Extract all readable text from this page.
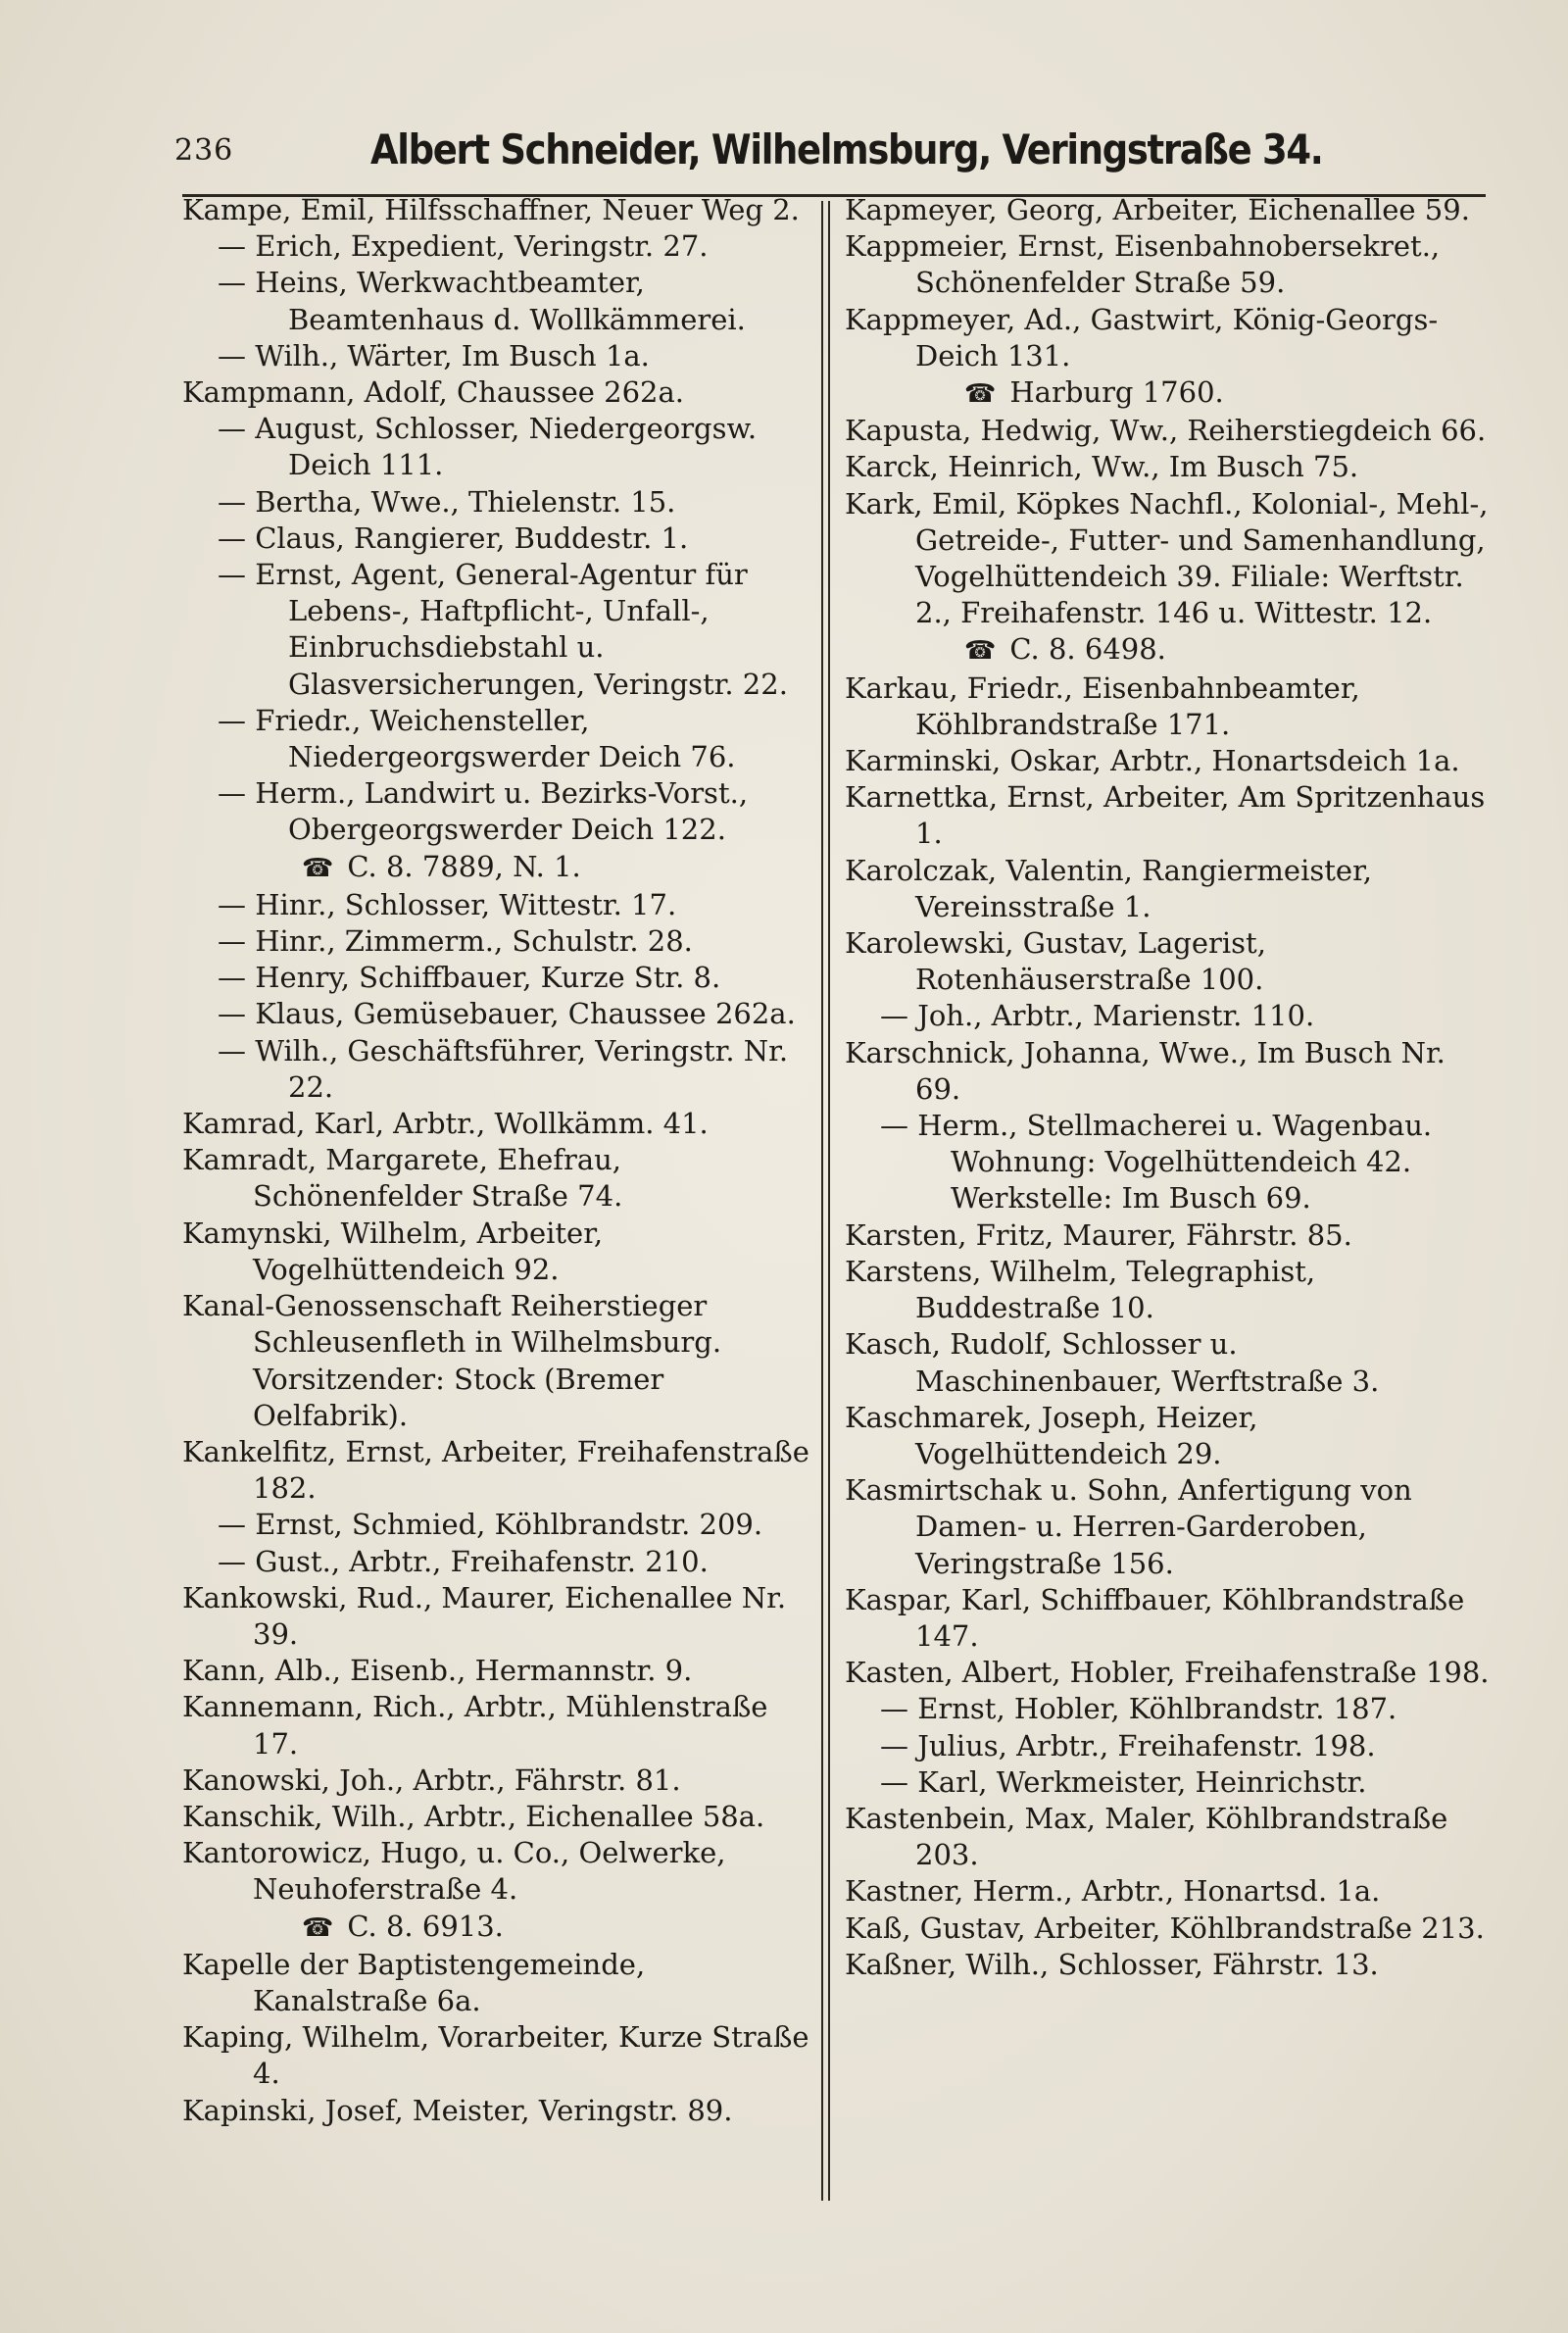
236	Albert Schneider, Wilhelmsburg, Veringstraße 34.
Kampe, Emil, Hilfsschaffner, Neuer Weg 2.
— Erich, Expedient, Veringstr. 27.
— Heins, Werkwachtbeamter, Beamtenhaus d. Wollkämmerei.
— Wilh., Wärter, Im Busch 1a.
Kampmann, Adolf, Chaussee 262a.
— August, Schlosser, Niedergeorgsw. Deich 111.
— Bertha, Wwe., Thielenstr. 15.
— Claus, Rangierer, Buddestr. 1.
— Ernst, Agent, General-Agentur für Lebens-, Haftpflicht-, Unfall-, Einbruchsdiebstahl u. Glasversicherungen, Veringstr. 22.
— Friedr., Weichensteller, Niedergeorgswerder Deich 76.
— Herm., Landwirt u. Bezirks-Vorst., Obergeorgswerder Deich 122.
☎ C. 8. 7889, N. 1.
— Hinr., Schlosser, Wittestr. 17.
— Hinr., Zimmerm., Schulstr. 28.
— Henry, Schiffbauer, Kurze Str. 8.
— Klaus, Gemüsebauer, Chaussee 262a.
— Wilh., Geschäftsführer, Veringstr. Nr. 22.
Kamrad, Karl, Arbtr., Wollkämm. 41.
Kamradt, Margarete, Ehefrau, Schönenfelder Straße 74.
Kamynski, Wilhelm, Arbeiter, Vogelhüttendeich 92.
Kanal-Genossenschaft Reiherstieger Schleusenfleth in Wilhelmsburg. Vorsitzender: Stock (Bremer Oelfabrik).
Kankelfitz, Ernst, Arbeiter, Freihafenstraße 182.
— Ernst, Schmied, Köhlbrandstr. 209.
— Gust., Arbtr., Freihafenstr. 210.
Kankowski, Rud., Maurer, Eichenallee Nr. 39.
Kann, Alb., Eisenb., Hermannstr. 9.
Kannemann, Rich., Arbtr., Mühlenstraße 17.
Kanowski, Joh., Arbtr., Fährstr. 81.
Kanschik, Wilh., Arbtr., Eichenallee 58a.
Kantorowicz, Hugo, u. Co., Oelwerke, Neuhoferstraße 4.
☎ C. 8. 6913.
Kapelle der Baptistengemeinde, Kanalstraße 6a.
Kaping, Wilhelm, Vorarbeiter, Kurze Straße 4.
Kapinski, Josef, Meister, Veringstr. 89.
Kapmeyer, Georg, Arbeiter, Eichenallee 59.
Kappmeier, Ernst, Eisenbahnobersekret., Schönenfelder Straße 59.
Kappmeyer, Ad., Gastwirt, König-Georgs-Deich 131.
☎ Harburg 1760.
Kapusta, Hedwig, Ww., Reiherstiegdeich 66.
Karck, Heinrich, Ww., Im Busch 75.
Kark, Emil, Köpkes Nachfl., Kolonial-, Mehl-, Getreide-, Futter- und Samenhandlung, Vogelhüttendeich 39. Filiale: Werftstr. 2., Freihafenstr. 146 u. Wittestr. 12.
☎ C. 8. 6498.
Karkau, Friedr., Eisenbahnbeamter, Köhlbrandstraße 171.
Karminski, Oskar, Arbtr., Honartsdeich 1a.
Karnettka, Ernst, Arbeiter, Am Spritzenhaus 1.
Karolczak, Valentin, Rangiermeister, Vereinsstraße 1.
Karolewski, Gustav, Lagerist, Rotenhäuserstraße 100.
— Joh., Arbtr., Marienstr. 110.
Karschnick, Johanna, Wwe., Im Busch Nr. 69.
— Herm., Stellmacherei u. Wagenbau. Wohnung: Vogelhüttendeich 42. Werkstelle: Im Busch 69.
Karsten, Fritz, Maurer, Fährstr. 85.
Karstens, Wilhelm, Telegraphist, Buddestraße 10.
Kasch, Rudolf, Schlosser u. Maschinenbauer, Werftstraße 3.
Kaschmarek, Joseph, Heizer, Vogelhüttendeich 29.
Kasmirtschak u. Sohn, Anfertigung von Damen- u. Herren-Garderoben, Veringstraße 156.
Kaspar, Karl, Schiffbauer, Köhlbrandstraße 147.
Kasten, Albert, Hobler, Freihafenstraße 198.
— Ernst, Hobler, Köhlbrandstr. 187.
— Julius, Arbtr., Freihafenstr. 198.
— Karl, Werkmeister, Heinrichstr.
Kastenbein, Max, Maler, Köhlbrandstraße 203.
Kastner, Herm., Arbtr., Honartsd. 1a.
Kaß, Gustav, Arbeiter, Köhlbrandstraße 213.
Kaßner, Wilh., Schlosser, Fährstr. 13.
